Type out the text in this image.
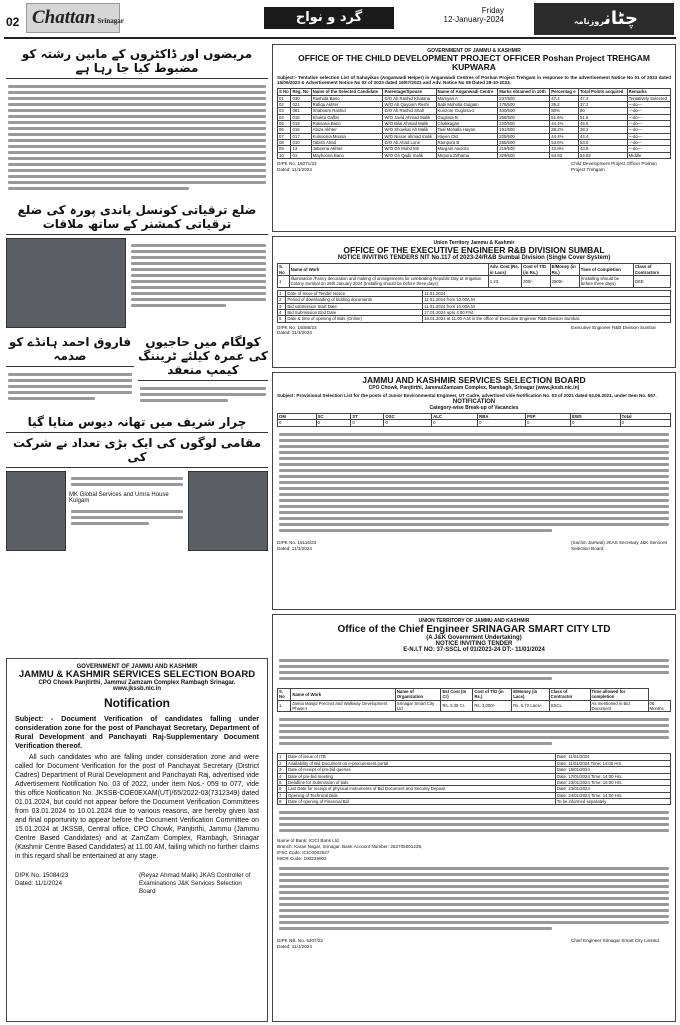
02 Chattan Srinagar	گرد و نواح	Friday
12-January-2024	چٹانروزنامہ
مریضوں اور ڈاکٹروں کے مابین رشتہ کو مضبوط کیا جا رہا ہے
ضلع ترقیاتی کونسل باندی پورہ کی ضلع ترقیاتی کمشنر کے ساتھ ملاقات
فاروق احمد ہانڈے کو صدمہ
کولگام میں حاجیوں کی عمرہ کیلئے ٹریننگ کیمپ منعقد
چرار شریف میں تھانہ دیوس منایا گیا
مقامی لوگوں کی ایک بڑی تعداد نے شرکت کی
MK Global Services and Umra House
Kulgam
GOVERNMENT OF JAMMU & KASHMIR
OFFICE OF THE CHILD DEVELOPMENT PROJECT OFFICER Poshan Project TREHGAM KUPWARA
Subject:- Tentative selection List of Sahayikas (Anganwadi Helper) in Anganwadi Centres of Poshan Project Trehgam in response to the advertisement Notice No 01 of 2023 dated 15/05/2023 & Advertisement Notice No 02 of 2023 dated 19/07/2023 and Adv. Notice No 08 Dated 28-10-2023.
S No	Reg. No	Name of the Selected Candidate	Parentage/Spouse	Name of Anganwadi Centre	Marks obtained in 10th	Percentag e	Total Points acquired	Remarks
01	030	Rashida Bano	D/O Ab Rashid Khatana	Mamyari A	237/500	47.4	47.4	Tentatively Selected
02	021	Rafiqa Akhter	W/O Ab Qayoom Reshi	Babi Moholla Gulgam	176/500	35.2	37.2	---do---
03	081	Shabnam Rashid	D/O Ab Rashid Shah	Kunzore Guglosa-2	400/500	80%	80	---do---
04	015	Shokta Gaffar	W/O Javid Ahmad Malik	Guglosa-B	258/500	51.6%	51.6	---do---
05	019	Ruksana Bano	W/O Bilal Ahmad Malik	Chakkagan	220/500	44.4%	45.6	---do---
06	016	Abiza Akhter	W/O Showkat Ah Malik	Taal Mohalla Hayan	191/500	38.2%	38.2	---do---
07	017	Kulsooma Moosa	W/O Nissar ahmad malik	Hayen Old	225/500	44.4%	44.4	---do---
08	010	Tabish Ahad	D/O Ab Ahad Lone	Rampora B	255/500	53.6%	53.6	---do---
09	13	Jabeena Akhter	W/O Gh Mohd Mir	Margam Awoora	219/500	43.8%	43.8	---do---
10	01	Mayhoona Bano	W/O Gh Qadir malik	Mirpora Zirhama	329/600	54.83	54.83	Middle
DIPK No. 15071/23
Dated: 11/1/2024
Child Development Project Officer Poshan Project Trehgam
Union Territory Jammu & Kashmir
OFFICE OF THE EXECUTIVE ENGINEER R&B DIVISION SUMBAL
NOTICE INVITING TENDERS NIT No.117 of 2023-24/R&B Sumbal Division (Single Cover System)
S. No	Name of Work	Adv. Cost (Rs. in Lacs)	Cost of T/D (in Rs.)	E/Money (in Rs.)	Time of Completion	Class of Contractors
1	Illumination /Fancy decoration and making of arrangements for celebrating Republic Day at Irrigation Colony Sumbal on 26th January 2024 (Installing should be before three days)	1.23	200/-	2500/-	(Installing should be before three days)	DEE
1	Date of Issue of Tender Notice	11.01.2024
2	Period of downloading of bidding documents	11.01.2024 from 10.00A.M
3	Bid submission Start Date	11.01.2024 from 10.00A.M
4	Bid Submission End Date	17.01.2024 upto 4.00 P.M.
5	Date & time of opening of Bids (Online)	18.01.2024 at 11.00 A.M in the office of Executive Engineer R&B Division Sumbal.
DIPK No. 15086/23
Dated: 11/1/2024
Executive Engineer R&B Division Sumbal
JAMMU AND KASHMIR SERVICES SELECTION BOARD
CPO Chowk, Panjtirthi, Jammu/Zamzam Complex, Rambagh, Srinagar (www.jkssb.nic.in)
Subject: Provisional Selection List for the posts of Junior Environmental Engineer, UT Cadre, advertised vide Notification No. 03 of 2021 dated 04.06.2021, under Item No. 557.
NOTIFICATION
Category-wise Break-up of Vacancies
OM	SC	ST	OSC	ALC	RBA	PSP	EWS	Total
0	0	0	0	0	0	0	0	0
DIPK No. 15116/23
Dated: 11/1/2024
(Sachin Jamwal) JKAS Secretary J&K Services Selection Board
UNION TERRITORY OF JAMMU AND KASHMIR
Office of the Chief Engineer SRINAGAR SMART CITY LTD
(A J&K Government Undertaking)
NOTICE INVITING TENDER
E-N.I.T NO: 37-SSCL of 01/2023-24 DT:- 11/01/2024
S. No	Name of Work	Name of Organization	Est Cost (In Cr)	Cost of T/D (in Rs.)	E/Money (in Lacs)	Class of Contractor	Time allowed for completion	
1.	Jamia Masjid Precinct and Walkway Development Phase-I	Srinagar Smart City Ltd	Rs. 3.36 Cr.	Rs. 3,000/-	Rs. 6.72 Lacs/-	SSCL	As mentioned in Bid Document	06 Months
1	Date of issue of ITB	Date: 11/01/2024
2	Availability of Bid Document on e-procurement portal	Date: 11/01/2024 Time: 14:00 Hrs.
3	Date of receipt of pre-bid queries	Date: 15/01/2024
4	Date of pre-bid meeting	Date: 17/01/2024 Time: 14:00 Hrs.
5	Deadline for Submission of bids	Date: 23/01/2024 Time: 16:00 Hrs.
6	Last Date for receipt of physical instruments of Bid Document and Security Deposit	Date: 23/01/2024
7	Opening of Technical Bids	Date: 24/01/2024 Time: 14:00 Hrs.
8	Date of opening of Financial Bid	To be informed separately
Name of Bank: ICICI Bank Ltd.
Branch: Karan Nagar, Srinagar. Bank Account Number: 252705001239,
IFSC Code: ICIC0002527
MICR Code: 190229002
DIPK NB. No. 5307/23
Dated: 11/1/2024
Chief Engineer Srinagar Smart City Limited.
GOVERNMENT OF JAMMU AND KASHMIR
JAMMU & KASHMIR SERVICES SELECTION BOARD
CPO Chowk Panjtirthi, Jammu/ Zamzam Complex Rambagh Srinagar.
www.jkssb.nic.in
Notification
Subject: - Document Verification of candidates falling under consideration zone for the post of Panchayat Secretary, Department of Rural Development and Panchayati Raj-Supplementary Document Verification thereof.
All such candidates who are falling under consideration zone and were called for Document Verification for the post of Panchayat Secretary (District Cadres) Department of Rural Development and Panchayati Raj, advertised vide Advertisement Notification No. 03 of 2022, under item Nos.- 059 to 077, vide this office Notification No. JKSSB-COE0EXAM(UT)/65/2022-03(7312349) dated 01.01.2024, but could not appear before the Document Verification Committees from 03.01.2024 to 10.01.2024 due to various reasons, are hereby given last and final opportunity to appear before the Document Verification Committee on 15.01.2024 at JKSSB, Central office, CPO Chowk, Panjtirthi, Jammu (Jammu Centre Based Candidates) and at ZamZam Complex, Rambagh, Srinagar (Kashmir Centre Based Candidates) at 11.00 AM, failing which no further claims in this regard shall be entertained at any stage.
DIPK No. 15084/23
Dated: 11/1/2024
(Reyaz Ahmad Malik) JKAS Controller of Examinations J&K Services Selection Board
